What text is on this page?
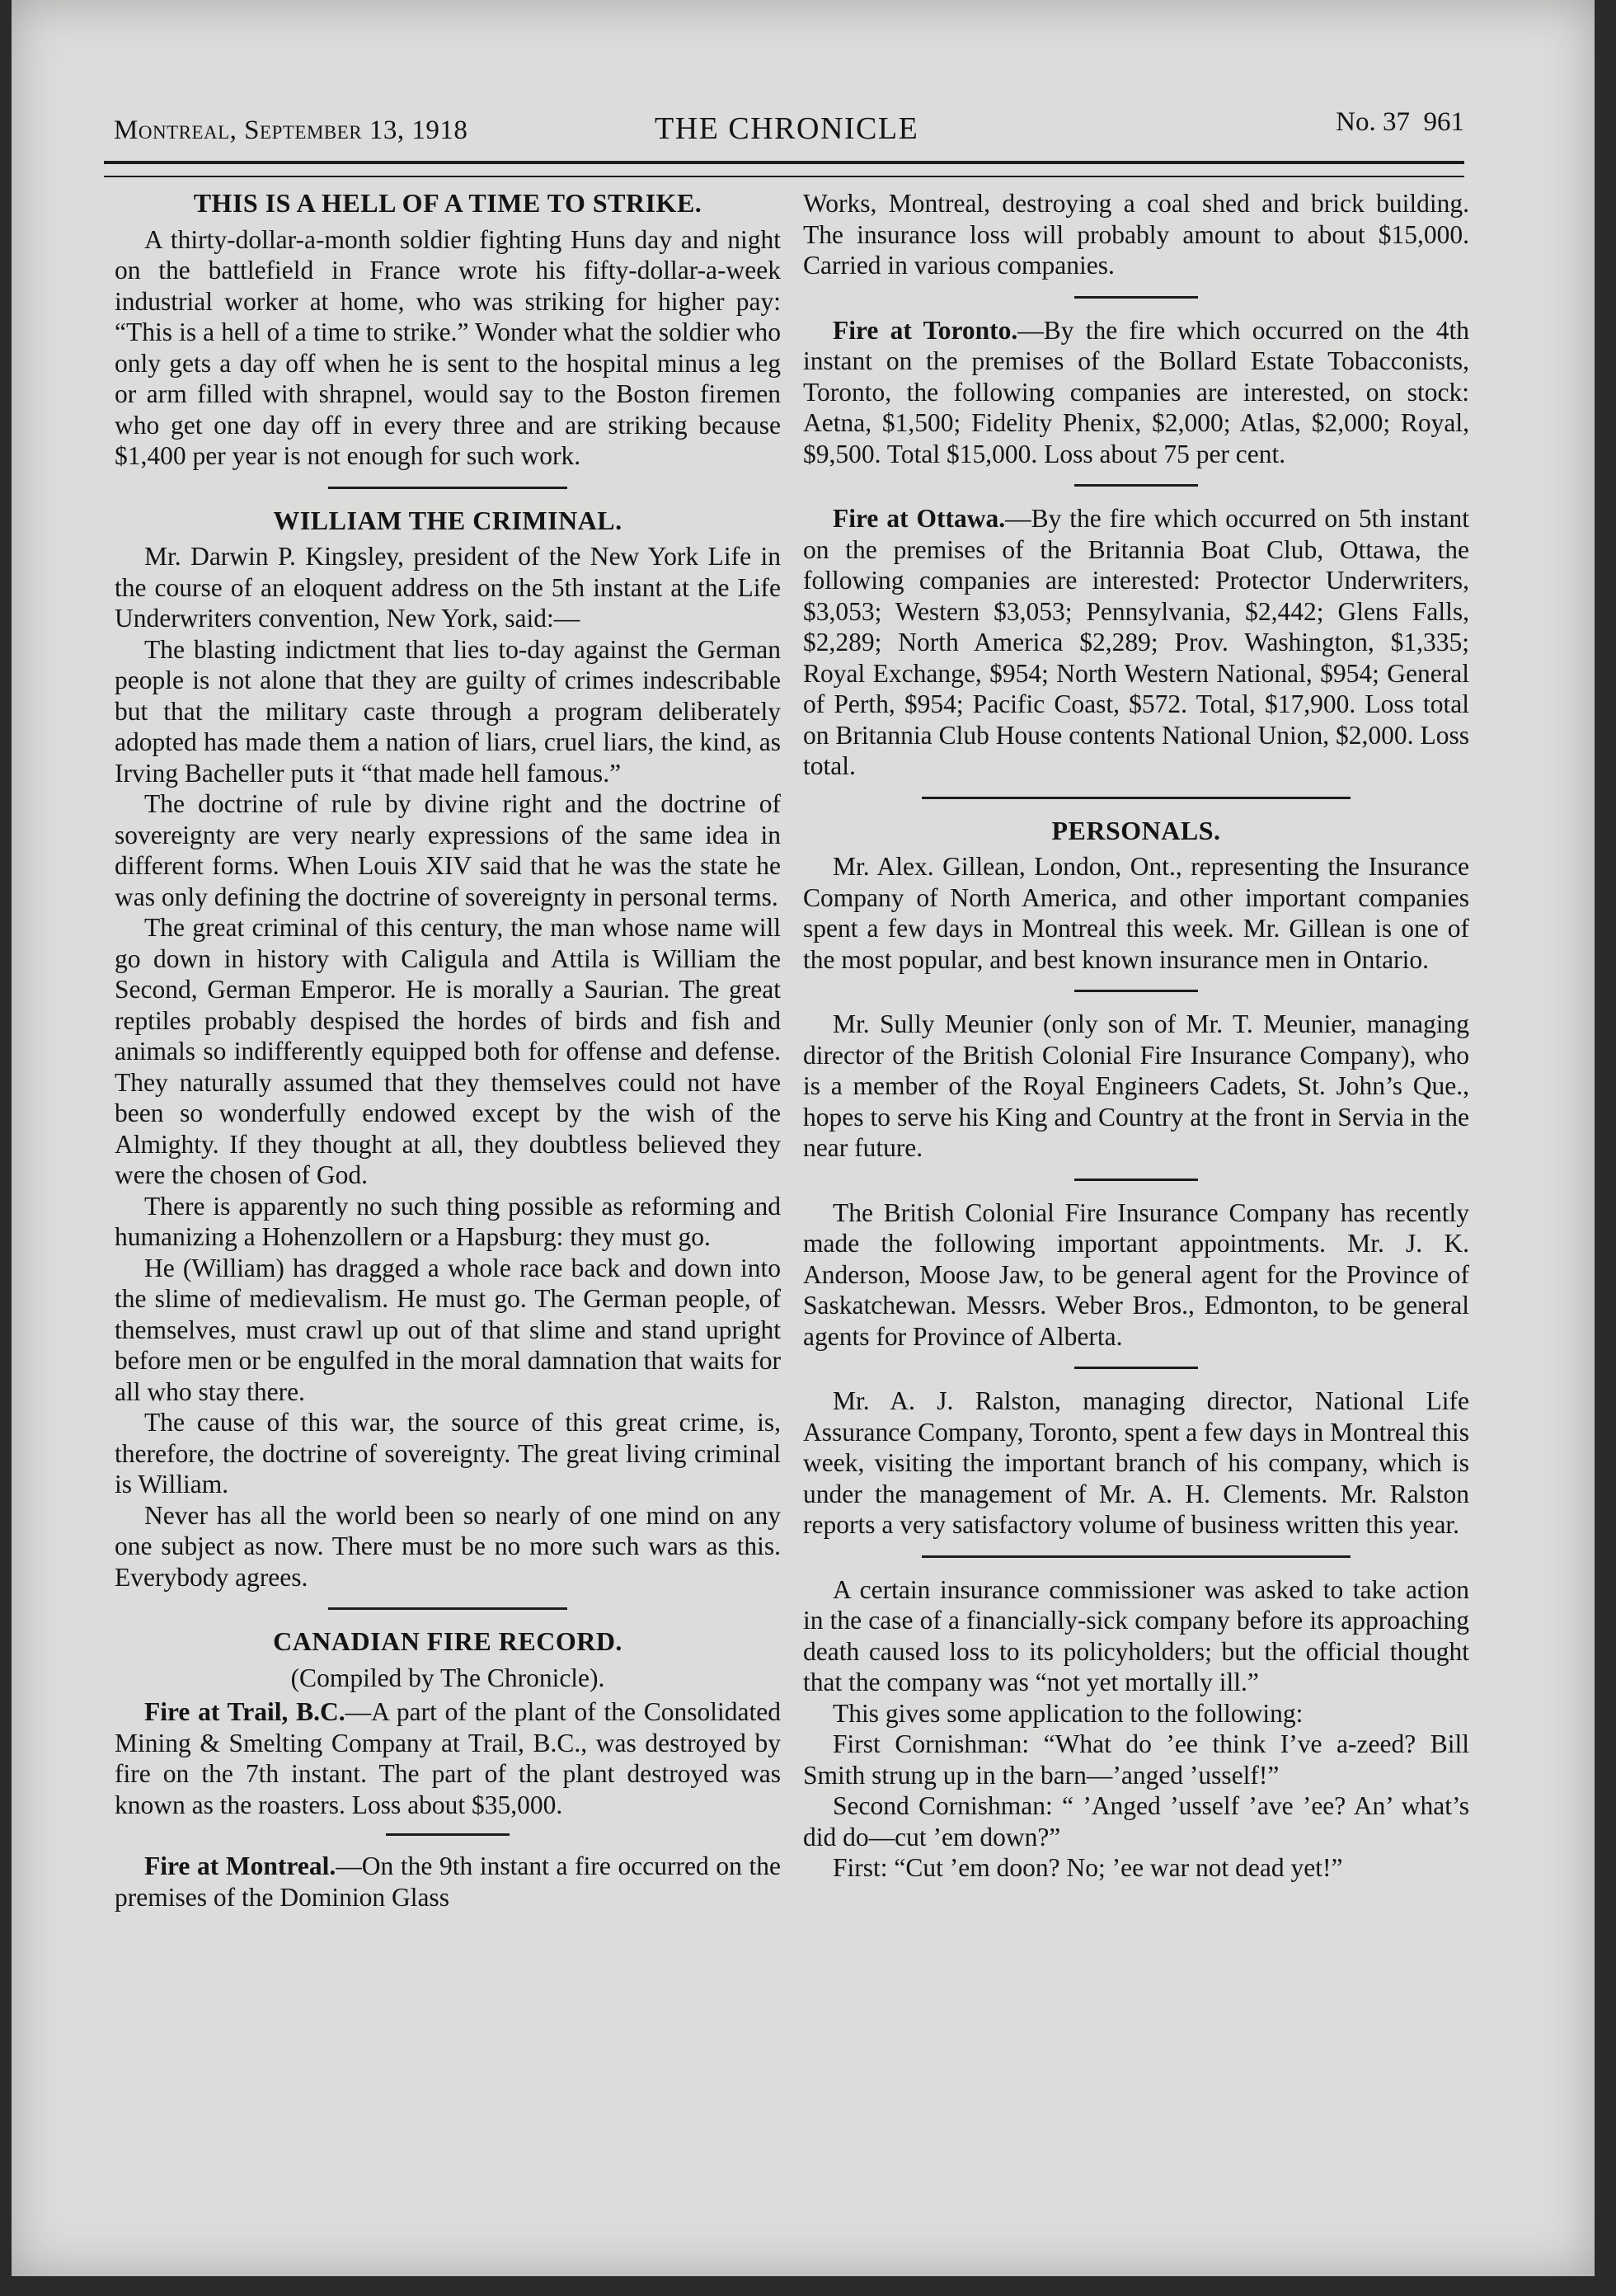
Montreal, September 13, 1918	THE CHRONICLE	No. 37 961
THIS IS A HELL OF A TIME TO STRIKE.

A thirty-dollar-a-month soldier fighting Huns day and night on the battlefield in France wrote his fifty-dollar-a-week industrial worker at home, who was striking for higher pay: “This is a hell of a time to strike.” Wonder what the soldier who only gets a day off when he is sent to the hospital minus a leg or arm filled with shrapnel, would say to the Boston firemen who get one day off in every three and are striking because $1,400 per year is not enough for such work.

WILLIAM THE CRIMINAL.

Mr. Darwin P. Kingsley, president of the New York Life in the course of an eloquent address on the 5th instant at the Life Underwriters convention, New York, said:—

The blasting indictment that lies to-day against the German people is not alone that they are guilty of crimes indescribable but that the military caste through a program deliberately adopted has made them a nation of liars, cruel liars, the kind, as Irving Bacheller puts it “that made hell famous.”

The doctrine of rule by divine right and the doctrine of sovereignty are very nearly expressions of the same idea in different forms. When Louis XIV said that he was the state he was only defining the doctrine of sovereignty in personal terms.

The great criminal of this century, the man whose name will go down in history with Caligula and Attila is William the Second, German Emperor. He is morally a Saurian. The great reptiles probably despised the hordes of birds and fish and animals so indifferently equipped both for offense and defense. They naturally assumed that they themselves could not have been so wonderfully endowed except by the wish of the Almighty. If they thought at all, they doubtless believed they were the chosen of God.

There is apparently no such thing possible as reforming and humanizing a Hohenzollern or a Hapsburg: they must go.

He (William) has dragged a whole race back and down into the slime of medievalism. He must go. The German people, of themselves, must crawl up out of that slime and stand upright before men or be engulfed in the moral damnation that waits for all who stay there.

The cause of this war, the source of this great crime, is, therefore, the doctrine of sovereignty. The great living criminal is William.

Never has all the world been so nearly of one mind on any one subject as now. There must be no more such wars as this. Everybody agrees.

CANADIAN FIRE RECORD.
(Compiled by The Chronicle).

Fire at Trail, B.C.—A part of the plant of the Consolidated Mining & Smelting Company at Trail, B.C., was destroyed by fire on the 7th instant. The part of the plant destroyed was known as the roasters. Loss about $35,000.

Fire at Montreal.—On the 9th instant a fire occurred on the premises of the Dominion Glass

Works, Montreal, destroying a coal shed and brick building. The insurance loss will probably amount to about $15,000. Carried in various companies.

Fire at Toronto.—By the fire which occurred on the 4th instant on the premises of the Bollard Estate Tobacconists, Toronto, the following companies are interested, on stock: Aetna, $1,500; Fidelity Phenix, $2,000; Atlas, $2,000; Royal, $9,500. Total $15,000. Loss about 75 per cent.

Fire at Ottawa.—By the fire which occurred on 5th instant on the premises of the Britannia Boat Club, Ottawa, the following companies are interested: Protector Underwriters, $3,053; Western $3,053; Pennsylvania, $2,442; Glens Falls, $2,289; North America $2,289; Prov. Washington, $1,335; Royal Exchange, $954; North Western National, $954; General of Perth, $954; Pacific Coast, $572. Total, $17,900. Loss total on Britannia Club House contents National Union, $2,000. Loss total.

PERSONALS.

Mr. Alex. Gillean, London, Ont., representing the Insurance Company of North America, and other important companies spent a few days in Montreal this week. Mr. Gillean is one of the most popular, and best known insurance men in Ontario.

Mr. Sully Meunier (only son of Mr. T. Meunier, managing director of the British Colonial Fire Insurance Company), who is a member of the Royal Engineers Cadets, St. John’s Que., hopes to serve his King and Country at the front in Servia in the near future.

The British Colonial Fire Insurance Company has recently made the following important appointments. Mr. J. K. Anderson, Moose Jaw, to be general agent for the Province of Saskatchewan. Messrs. Weber Bros., Edmonton, to be general agents for Province of Alberta.

Mr. A. J. Ralston, managing director, National Life Assurance Company, Toronto, spent a few days in Montreal this week, visiting the important branch of his company, which is under the management of Mr. A. H. Clements. Mr. Ralston reports a very satisfactory volume of business written this year.

A certain insurance commissioner was asked to take action in the case of a financially-sick company before its approaching death caused loss to its policyholders; but the official thought that the company was “not yet mortally ill.”

This gives some application to the following:

First Cornishman: “What do ’ee think I’ve a-zeed? Bill Smith strung up in the barn—’anged ’usself!”

Second Cornishman: “ ’Anged ’usself ’ave ’ee? An’ what’s did do—cut ’em down?”

First: “Cut ’em doon? No; ’ee war not dead yet!”
